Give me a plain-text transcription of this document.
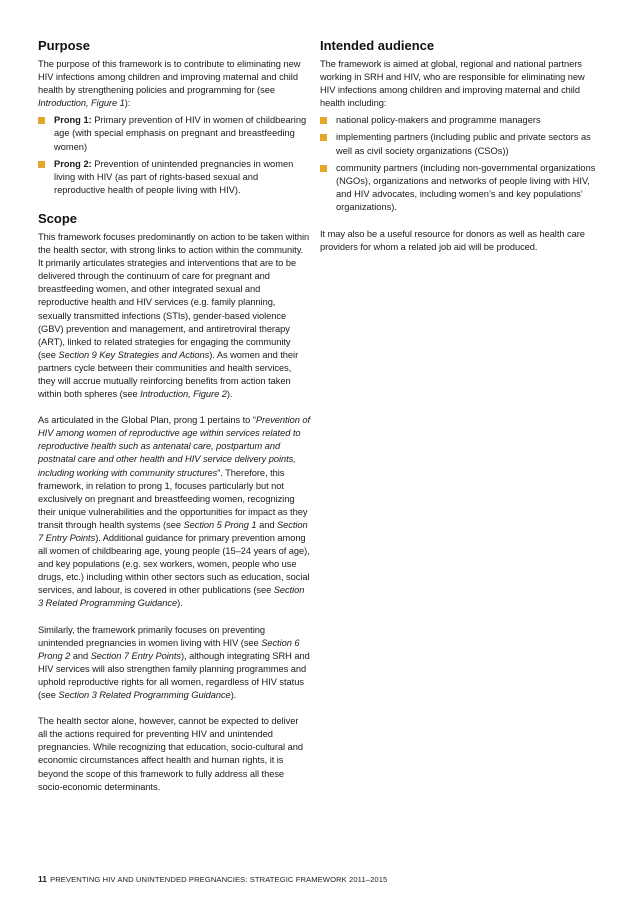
Purpose

The purpose of this framework is to contribute to eliminating new HIV infections among children and improving maternal and child health by strengthening policies and programming for (see Introduction, Figure 1):

Prong 1: Primary prevention of HIV in women of childbearing age (with special emphasis on pregnant and breastfeeding women)
Prong 2: Prevention of unintended pregnancies in women living with HIV (as part of rights-based sexual and reproductive health of people living with HIV).
Scope

This framework focuses predominantly on action to be taken within the health sector, with strong links to action within the community. It primarily articulates strategies and interventions that are to be delivered through the continuum of care for pregnant and breastfeeding women, and other integrated sexual and reproductive health and HIV services (e.g. family planning, sexually transmitted infections (STIs), gender-based violence (GBV) prevention and management, and antiretroviral therapy (ART), linked to related strategies for engaging the community (see Section 9 Key Strategies and Actions). As women and their partners cycle between their communities and health services, they will accrue mutually reinforcing benefits from action taken within both spheres (see Introduction, Figure 2).

As articulated in the Global Plan, prong 1 pertains to “Prevention of HIV among women of reproductive age within services related to reproductive health such as antenatal care, postpartum and postnatal care and other health and HIV service delivery points, including working with community structures”. Therefore, this framework, in relation to prong 1, focuses particularly but not exclusively on pregnant and breastfeeding women, recognizing their unique vulnerabilities and the opportunities for impact as they transit through health systems (see Section 5 Prong 1 and Section 7 Entry Points). Additional guidance for primary prevention among all women of childbearing age, young people (15–24 years of age), and key populations (e.g. sex workers, women, people who use drugs, etc.) including within other sectors such as education, social services, and labour, is covered in other publications (see Section 3 Related Programming Guidance).

Similarly, the framework primarily focuses on preventing unintended pregnancies in women living with HIV (see Section 6 Prong 2 and Section 7 Entry Points), although integrating SRH and HIV services will also strengthen family planning programmes and uphold reproductive rights for all women, regardless of HIV status (see Section 3 Related Programming Guidance).

The health sector alone, however, cannot be expected to deliver all the actions required for preventing HIV and unintended pregnancies. While recognizing that education, socio-cultural and economic circumstances affect health and human rights, it is beyond the scope of this framework to fully address all these socio-economic determinants.

Intended audience

The framework is aimed at global, regional and national partners working in SRH and HIV, who are responsible for eliminating new HIV infections among children and improving maternal and child health including:

national policy-makers and programme managers
implementing partners (including public and private sectors as well as civil society organizations (CSOs))
community partners (including non-governmental organizations (NGOs), organizations and networks of people living with HIV, and HIV advocates, including women’s and key populations’ organizations).

It may also be a useful resource for donors as well as health care providers for whom a related job aid will be produced.

11 PREVENTING HIV AND UNINTENDED PREGNANCIES: STRATEGIC FRAMEWORK 2011–2015
